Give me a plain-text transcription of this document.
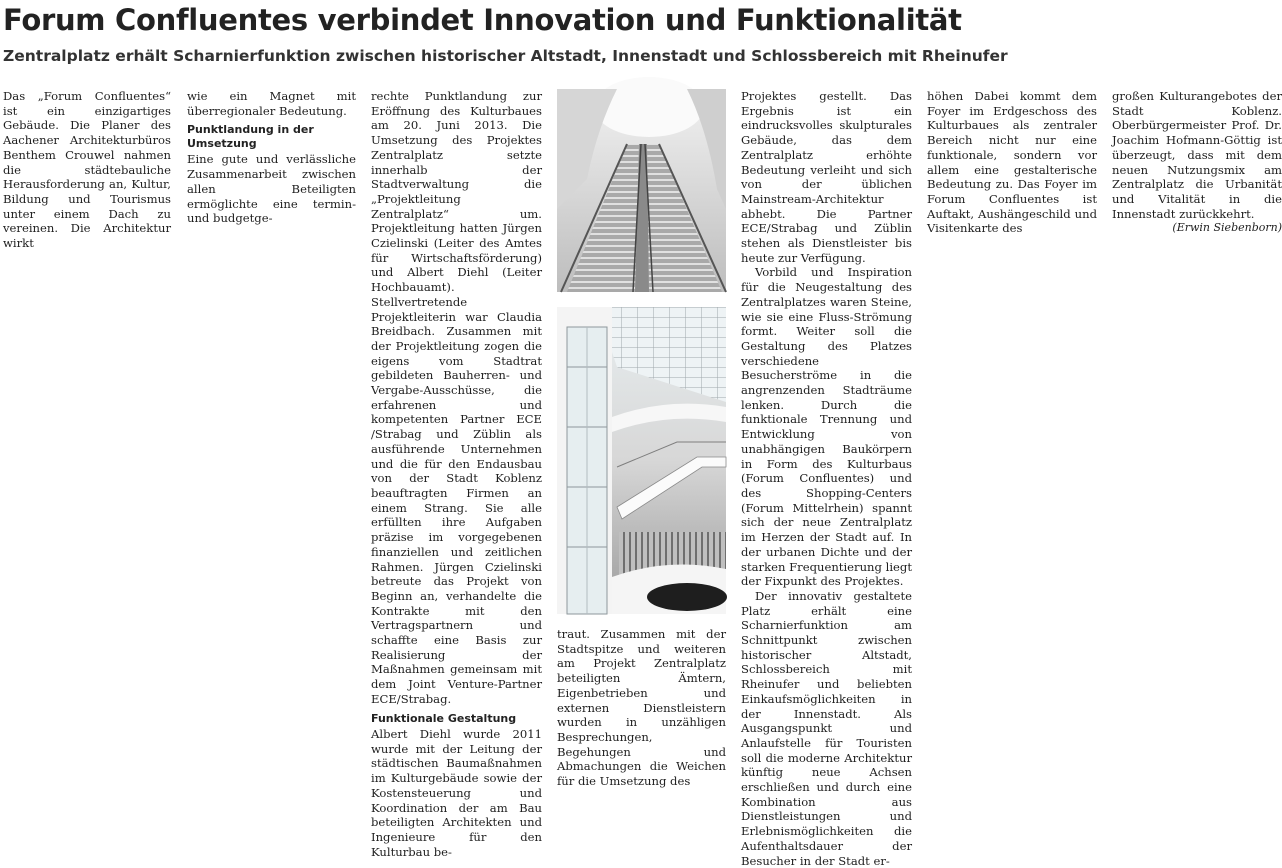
Forum Confluentes verbindet Innovation und Funktionalität
Zentralplatz erhält Scharnierfunktion zwischen historischer Altstadt, Innenstadt und Schlossbereich mit Rheinufer

Das „Forum Confluentes“ ist ein einzigartiges Gebäude. Die Planer des Aachener Architekturbüros Benthem Crouwel nahmen die städtebauliche Herausforderung an, Kultur, Bildung und Tourismus unter einem Dach zu vereinen. Die Architektur wirkt

wie ein Magnet mit überregionaler Bedeutung.

Punktlandung in der Umsetzung

Eine gute und verlässliche Zusammenarbeit zwischen allen Beteiligten ermöglichte eine termin- und budgetge-

rechte Punktlandung zur Eröffnung des Kulturbaues am 20. Juni 2013. Die Umsetzung des Projektes Zentralplatz setzte innerhalb der Stadtverwaltung die „Projektleitung Zentralplatz“ um. Projektleitung hatten Jürgen Czielinski (Leiter des Amtes für Wirtschaftsförderung) und Albert Diehl (Leiter Hochbauamt). Stellvertretende Projektleiterin war Claudia Breidbach. Zusammen mit der Projektleitung zogen die eigens vom Stadtrat gebildeten Bauherren- und Vergabe-Ausschüsse, die erfahrenen und kompetenten Partner ECE /Strabag und Züblin als ausführende Unternehmen und die für den Endausbau von der Stadt Koblenz beauftragten Firmen an einem Strang. Sie alle erfüllten ihre Aufgaben präzise im vorgegebenen finanziellen und zeitlichen Rahmen. Jürgen Czielinski betreute das Projekt von Beginn an, verhandelte die Kontrakte mit den Vertragspartnern und schaffte eine Basis zur Realisierung der Maßnahmen gemeinsam mit dem Joint Venture-Partner ECE/Strabag.

Funktionale Gestaltung

Albert Diehl wurde 2011 wurde mit der Leitung der städtischen Baumaßnahmen im Kulturgebäude sowie der Kostensteuerung und Koordination der am Bau beteiligten Architekten und Ingenieure für den Kulturbau be-

traut. Zusammen mit der Stadtspitze und weiteren am Projekt Zentralplatz beteiligten Ämtern, Eigenbetrieben und externen Dienstleistern wurden in unzähligen Besprechungen, Begehungen und Abmachungen die Weichen für die Umsetzung des

Projektes gestellt. Das Ergebnis ist ein eindrucksvolles skulpturales Gebäude, das dem Zentralplatz erhöhte Bedeutung verleiht und sich von der üblichen Mainstream-Architektur abhebt. Die Partner ECE/Strabag und Züblin stehen als Dienstleister bis heute zur Verfügung.

Vorbild und Inspiration für die Neugestaltung des Zentralplatzes waren Steine, wie sie eine Fluss-Strömung formt. Weiter soll die Gestaltung des Platzes verschiedene Besucherströme in die angrenzenden Stadträume lenken. Durch die funktionale Trennung und Entwicklung von unabhängigen Baukörpern in Form des Kulturbaus (Forum Confluentes) und des Shopping-Centers (Forum Mittelrhein) spannt sich der neue Zentralplatz im Herzen der Stadt auf. In der urbanen Dichte und der starken Frequentierung liegt der Fixpunkt des Projektes.

Der innovativ gestaltete Platz erhält eine Scharnierfunktion am Schnittpunkt zwischen historischer Altstadt, Schlossbereich mit Rheinufer und beliebten Einkaufsmöglichkeiten in der Innenstadt. Als Ausgangspunkt und Anlaufstelle für Touristen soll die moderne Architektur künftig neue Achsen erschließen und durch eine Kombination aus Dienstleistungen und Erlebnismöglichkeiten die Aufenthaltsdauer der Besucher in der Stadt er-

höhen Dabei kommt dem Foyer im Erdgeschoss des Kulturbaues als zentraler Bereich nicht nur eine funktionale, sondern vor allem eine gestalterische Bedeutung zu. Das Foyer im Forum Confluentes ist Auftakt, Aushängeschild und Visitenkarte des

großen Kulturangebotes der Stadt Koblenz. Oberbürgermeister Prof. Dr. Joachim Hofmann-Göttig ist überzeugt, dass mit dem neuen Nutzungsmix am Zentralplatz die Urbanität und Vitalität in die Innenstadt zurückkehrt.

(Erwin Siebenborn)
